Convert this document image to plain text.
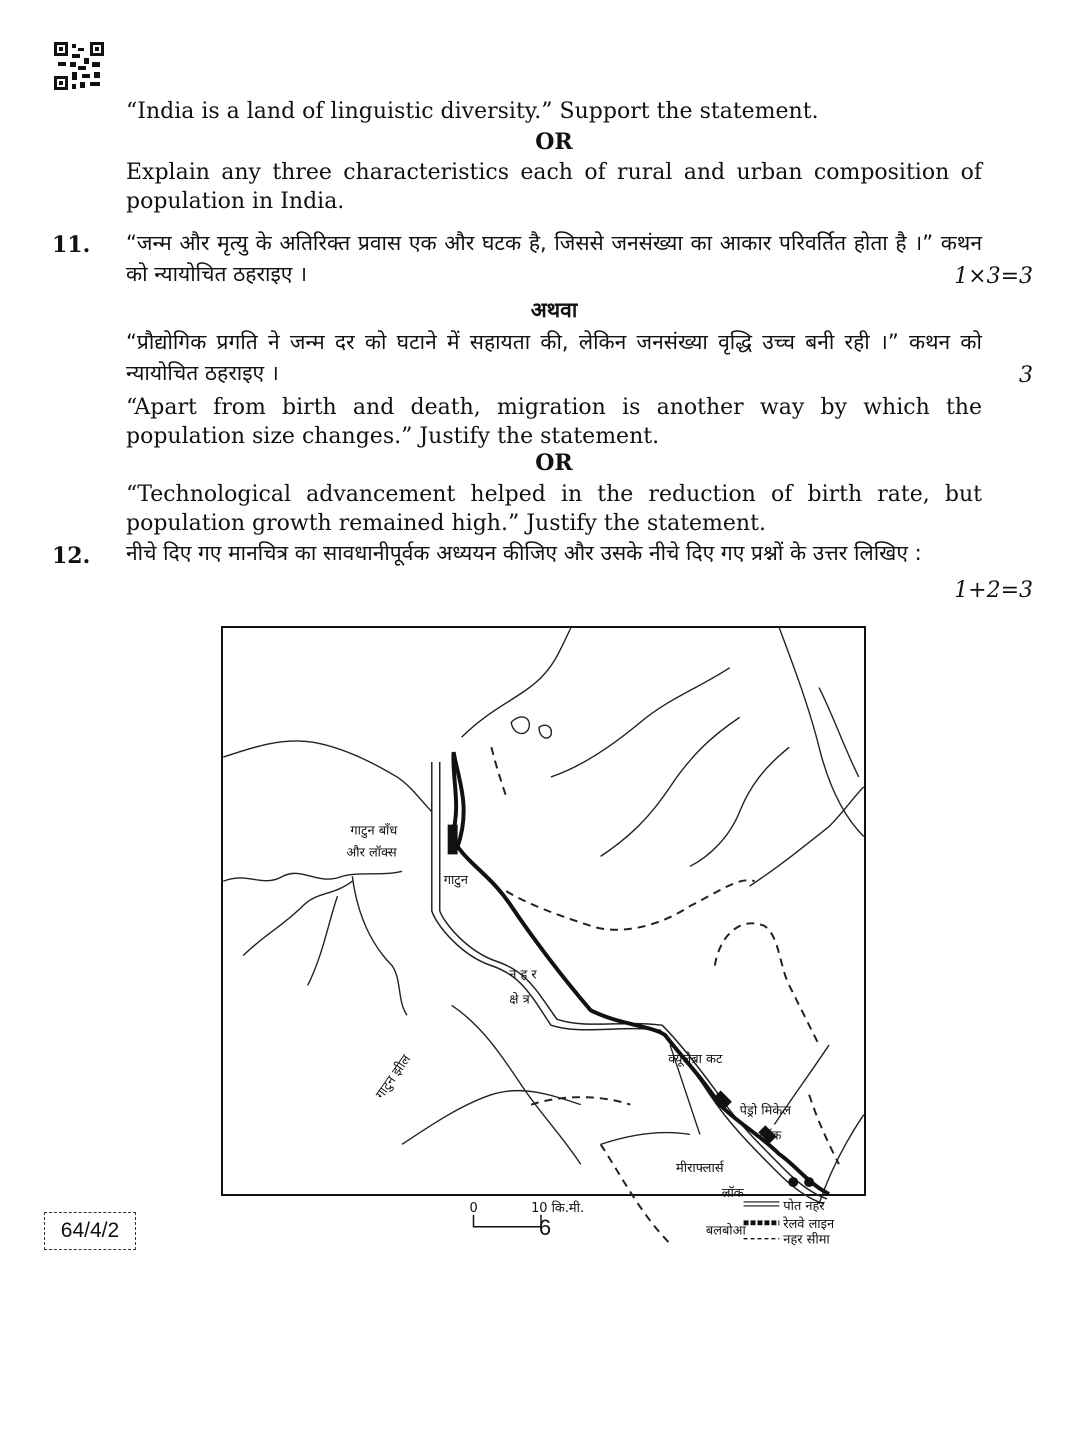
“India is a land of linguistic diversity.” Support the statement.
OR
Explain any three characteristics each of rural and urban composition of population in India.
11. “जन्म और मृत्यु के अतिरिक्त प्रवास एक और घटक है, जिससे जनसंख्या का आकार परिवर्तित होता है ।” कथन को न्यायोचित ठहराइए ।	1×3=3
अथवा
“प्रौद्योगिक प्रगति ने जन्म दर को घटाने में सहायता की, लेकिन जनसंख्या वृद्धि उच्च बनी रही ।” कथन को न्यायोचित ठहराइए ।	3
“Apart from birth and death, migration is another way by which the population size changes.” Justify the statement.
OR
“Technological advancement helped in the reduction of birth rate, but population growth remained high.” Justify the statement.
12. नीचे दिए गए मानचित्र का सावधानीपूर्वक अध्ययन कीजिए और उसके नीचे दिए गए प्रश्नों के उत्तर लिखिए :
1+2=3
गाटुन बाँध
और लॉक्स
गाटुन
न ह र
क्षे त्र
गाटुन झील	क्यूलेब्रा कट
पेड्रो मिकेल
लॉक
मीराफ्लार्स
लॉक
बलबोआ
0	10 कि.मी.	पोत नहर
रेलवे लाइन
नहर सीमा
64/4/2	6
